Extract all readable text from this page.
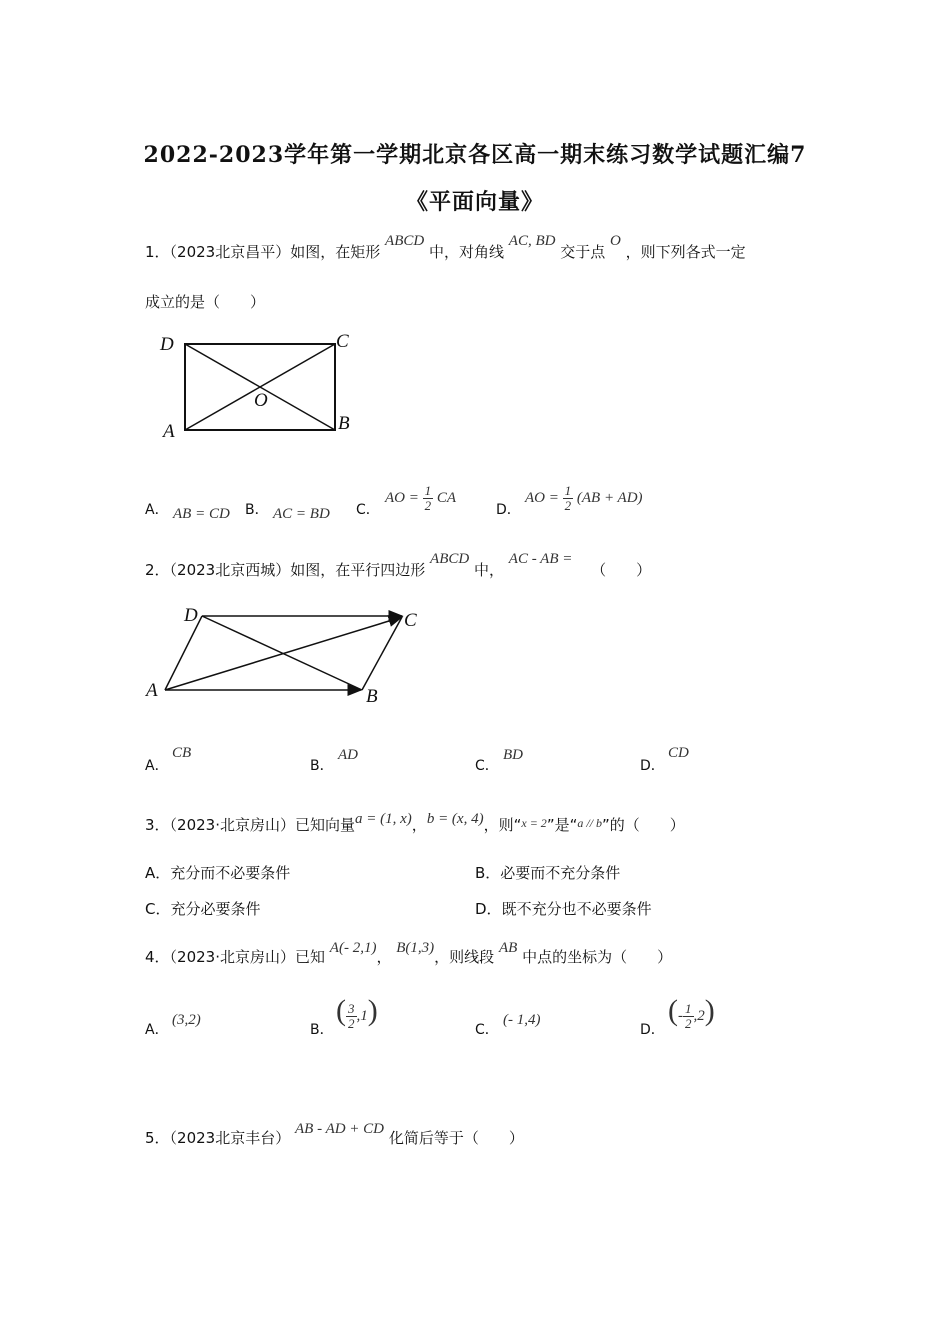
2022-2023学年第一学期北京各区高一期末练习数学试题汇编7
《平面向量》
1．（2023北京昌平）如图，在矩形 ABCD 中，对角线 AC, BD 交于点 O ，则下列各式一定
成立的是（　　）
D	C
A	B
O
A． AB = CD B． AC = BD C．
AO = $\frac{1}{2}$ CA
D．
AO = $\frac{1}{2} (AB + AD)$
2．（2023北京西城）如图，在平行四边形 ABCD 中， AC - AB = （　　）
D	C
A	B
A．
CB
B．
AD
C．
BD
D．
CD
3．（2023·北京房山）已知向量a = (1, x)，b = (x, 4)，则“$^{x = 2}$”是“$^{a // b}$”的（　　）
A．充分而不必要条件	B．必要而不充分条件
C．充分必要条件	D．既不充分也不必要条件
4．（2023·北京房山）已知 A(- 2,1)， B(1,3)，则线段 AB 中点的坐标为（　　）
A．
(3,2)
B．
( $\frac{3}{2} ,1$)
C．
(- 1,4)
D．
(- $\frac{1}{2} ,2$)
5．（2023北京丰台） AB - AD + CD 化简后等于（　　）
